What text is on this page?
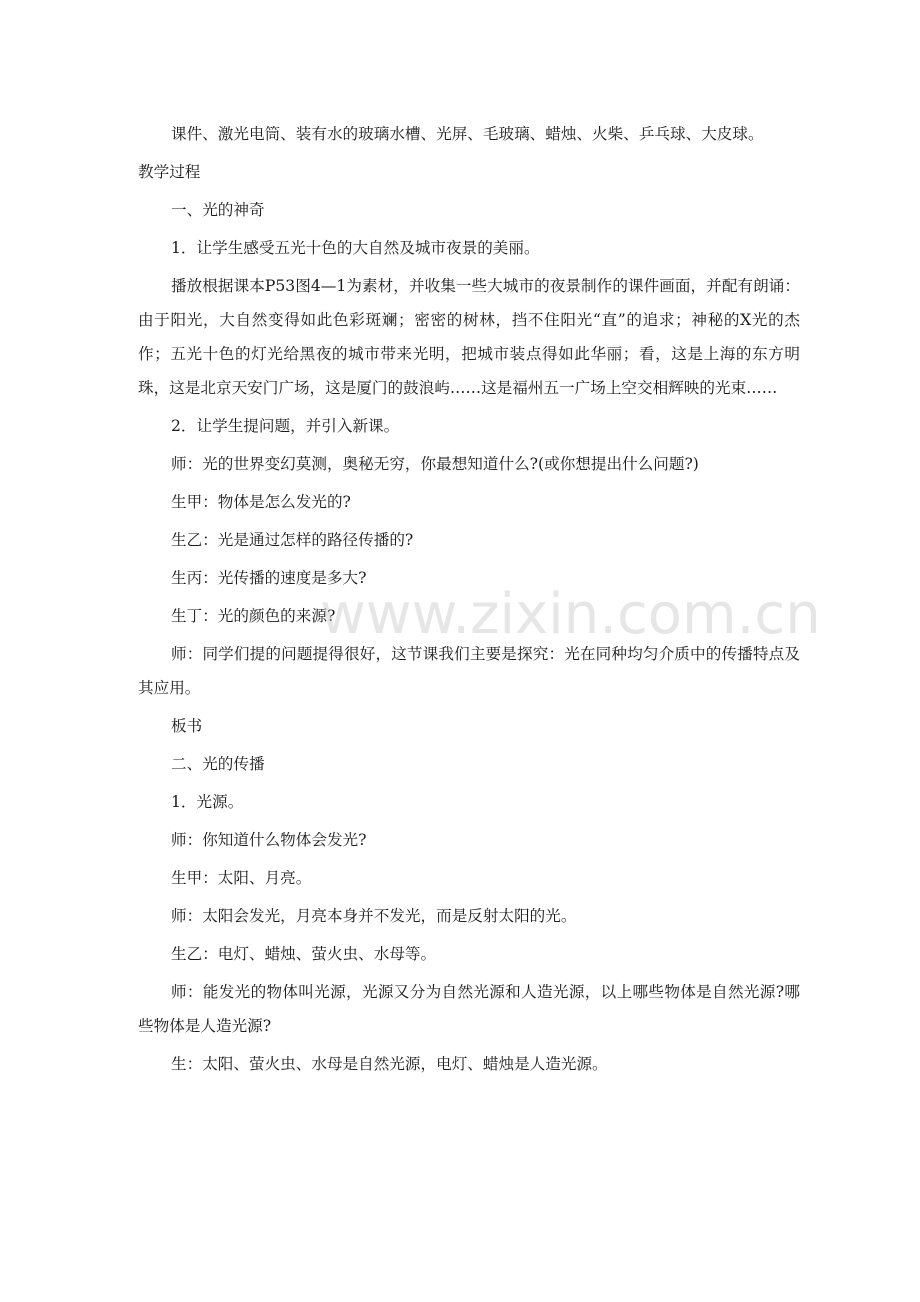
课件、激光电筒、装有水的玻璃水槽、光屏、毛玻璃、蜡烛、火柴、乒乓球、大皮球。

教学过程

一、光的神奇

1．让学生感受五光十色的大自然及城市夜景的美丽。

播放根据课本P53图4—1为素材，并收集一些大城市的夜景制作的课件画面，并配有朗诵：由于阳光，大自然变得如此色彩斑斓；密密的树林，挡不住阳光“直”的追求；神秘的X光的杰作；五光十色的灯光给黑夜的城市带来光明，把城市装点得如此华丽；看，这是上海的东方明珠，这是北京天安门广场，这是厦门的鼓浪屿……这是福州五一广场上空交相辉映的光束……

2．让学生提问题，并引入新课。

师：光的世界变幻莫测，奥秘无穷，你最想知道什么?(或你想提出什么问题?)

生甲：物体是怎么发光的?

生乙：光是通过怎样的路径传播的?

生丙：光传播的速度是多大?

生丁：光的颜色的来源?

师：同学们提的问题提得很好，这节课我们主要是探究：光在同种均匀介质中的传播特点及其应用。

板书

二、光的传播

1．光源。

师：你知道什么物体会发光?

生甲：太阳、月亮。

师：太阳会发光，月亮本身并不发光，而是反射太阳的光。

生乙：电灯、蜡烛、萤火虫、水母等。

师：能发光的物体叫光源，光源又分为自然光源和人造光源，以上哪些物体是自然光源?哪些物体是人造光源?

生：太阳、萤火虫、水母是自然光源，电灯、蜡烛是人造光源。

www.zixin.com.cn
